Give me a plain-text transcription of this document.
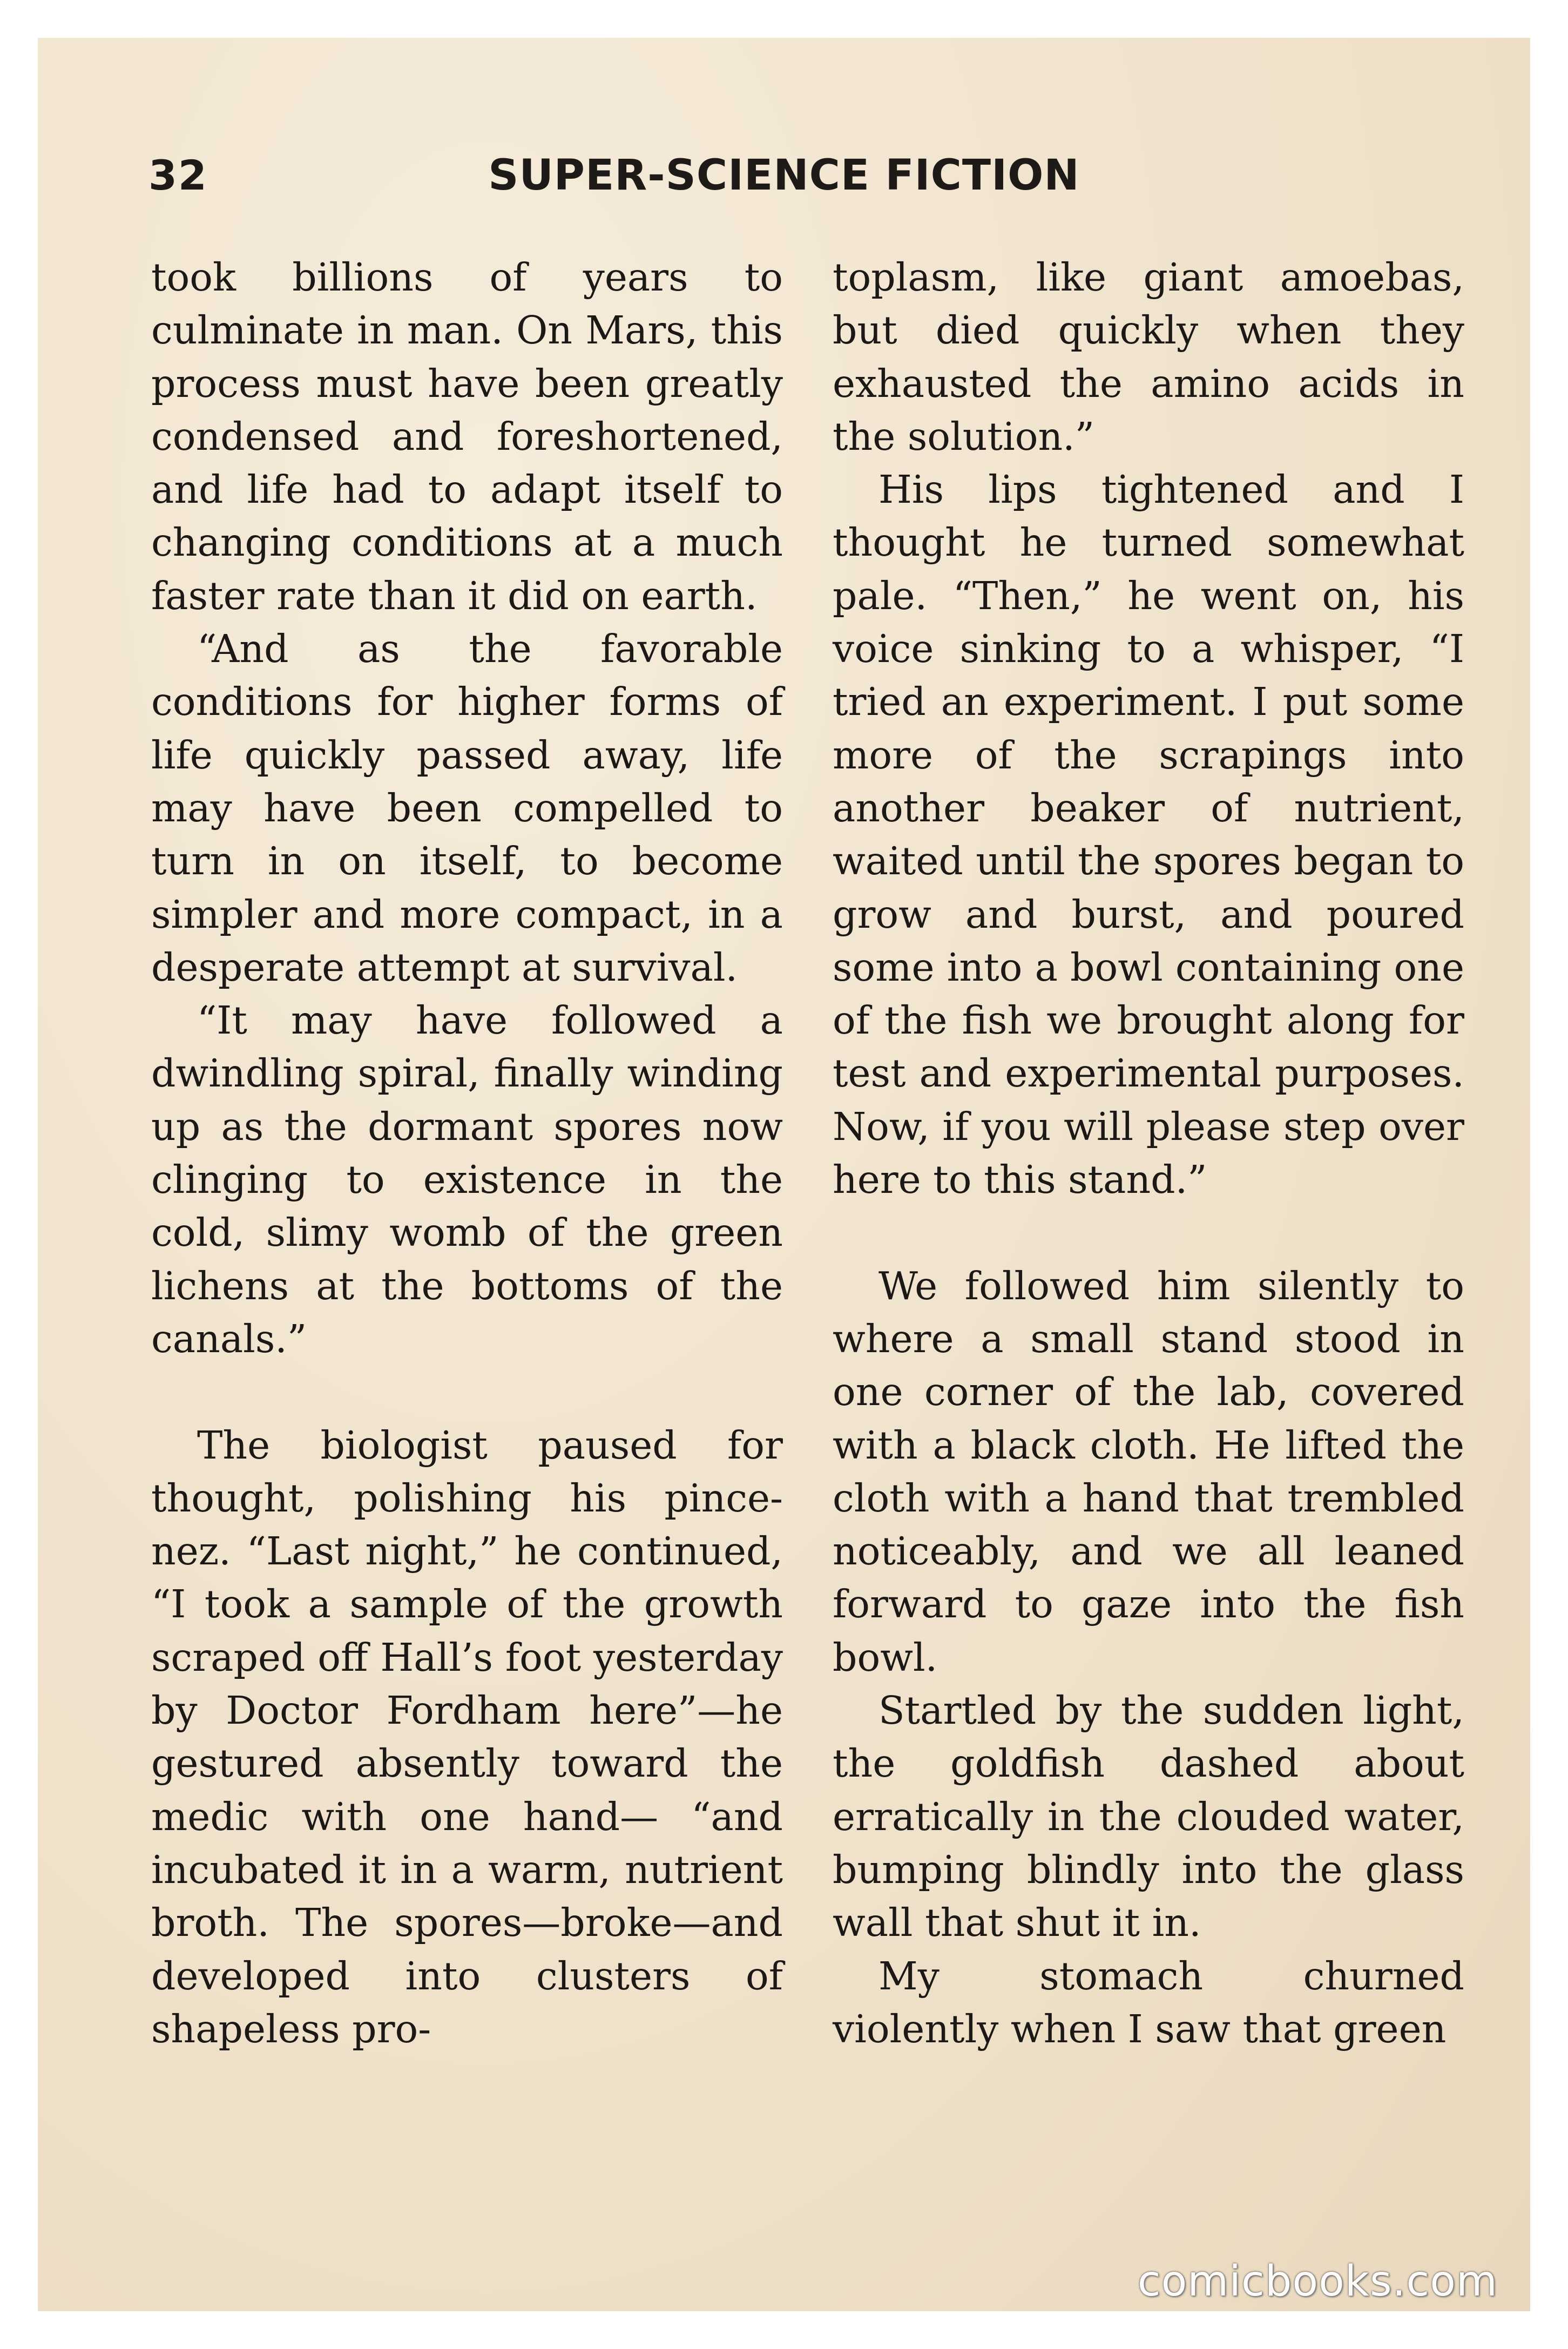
32	SUPER-SCIENCE FICTION

took billions of years to culminate in man. On Mars, this process must have been greatly condensed and foreshortened, and life had to adapt itself to changing conditions at a much faster rate than it did on earth.

“And as the favorable conditions for higher forms of life quickly passed away, life may have been compelled to turn in on itself, to become simpler and more compact, in a desperate attempt at survival.

“It may have followed a dwindling spiral, finally winding up as the dormant spores now clinging to existence in the cold, slimy womb of the green lichens at the bottoms of the canals.”

The biologist paused for thought, polishing his pince-nez. “Last night,” he continued, “I took a sample of the growth scraped off Hall’s foot yesterday by Doctor Fordham here”—he gestured absently toward the medic with one hand— “and incubated it in a warm, nutrient broth. The spores—broke—and developed into clusters of shapeless pro-

toplasm, like giant amoebas, but died quickly when they exhausted the amino acids in the solution.”

His lips tightened and I thought he turned somewhat pale. “Then,” he went on, his voice sinking to a whisper, “I tried an experiment. I put some more of the scrapings into another beaker of nutrient, waited until the spores began to grow and burst, and poured some into a bowl containing one of the fish we brought along for test and experimental purposes. Now, if you will please step over here to this stand.”

We followed him silently to where a small stand stood in one corner of the lab, covered with a black cloth. He lifted the cloth with a hand that trembled noticeably, and we all leaned forward to gaze into the fish bowl.

Startled by the sudden light, the goldfish dashed about erratically in the clouded water, bumping blindly into the glass wall that shut it in.

My stomach churned violently when I saw that green

comicbooks.com
